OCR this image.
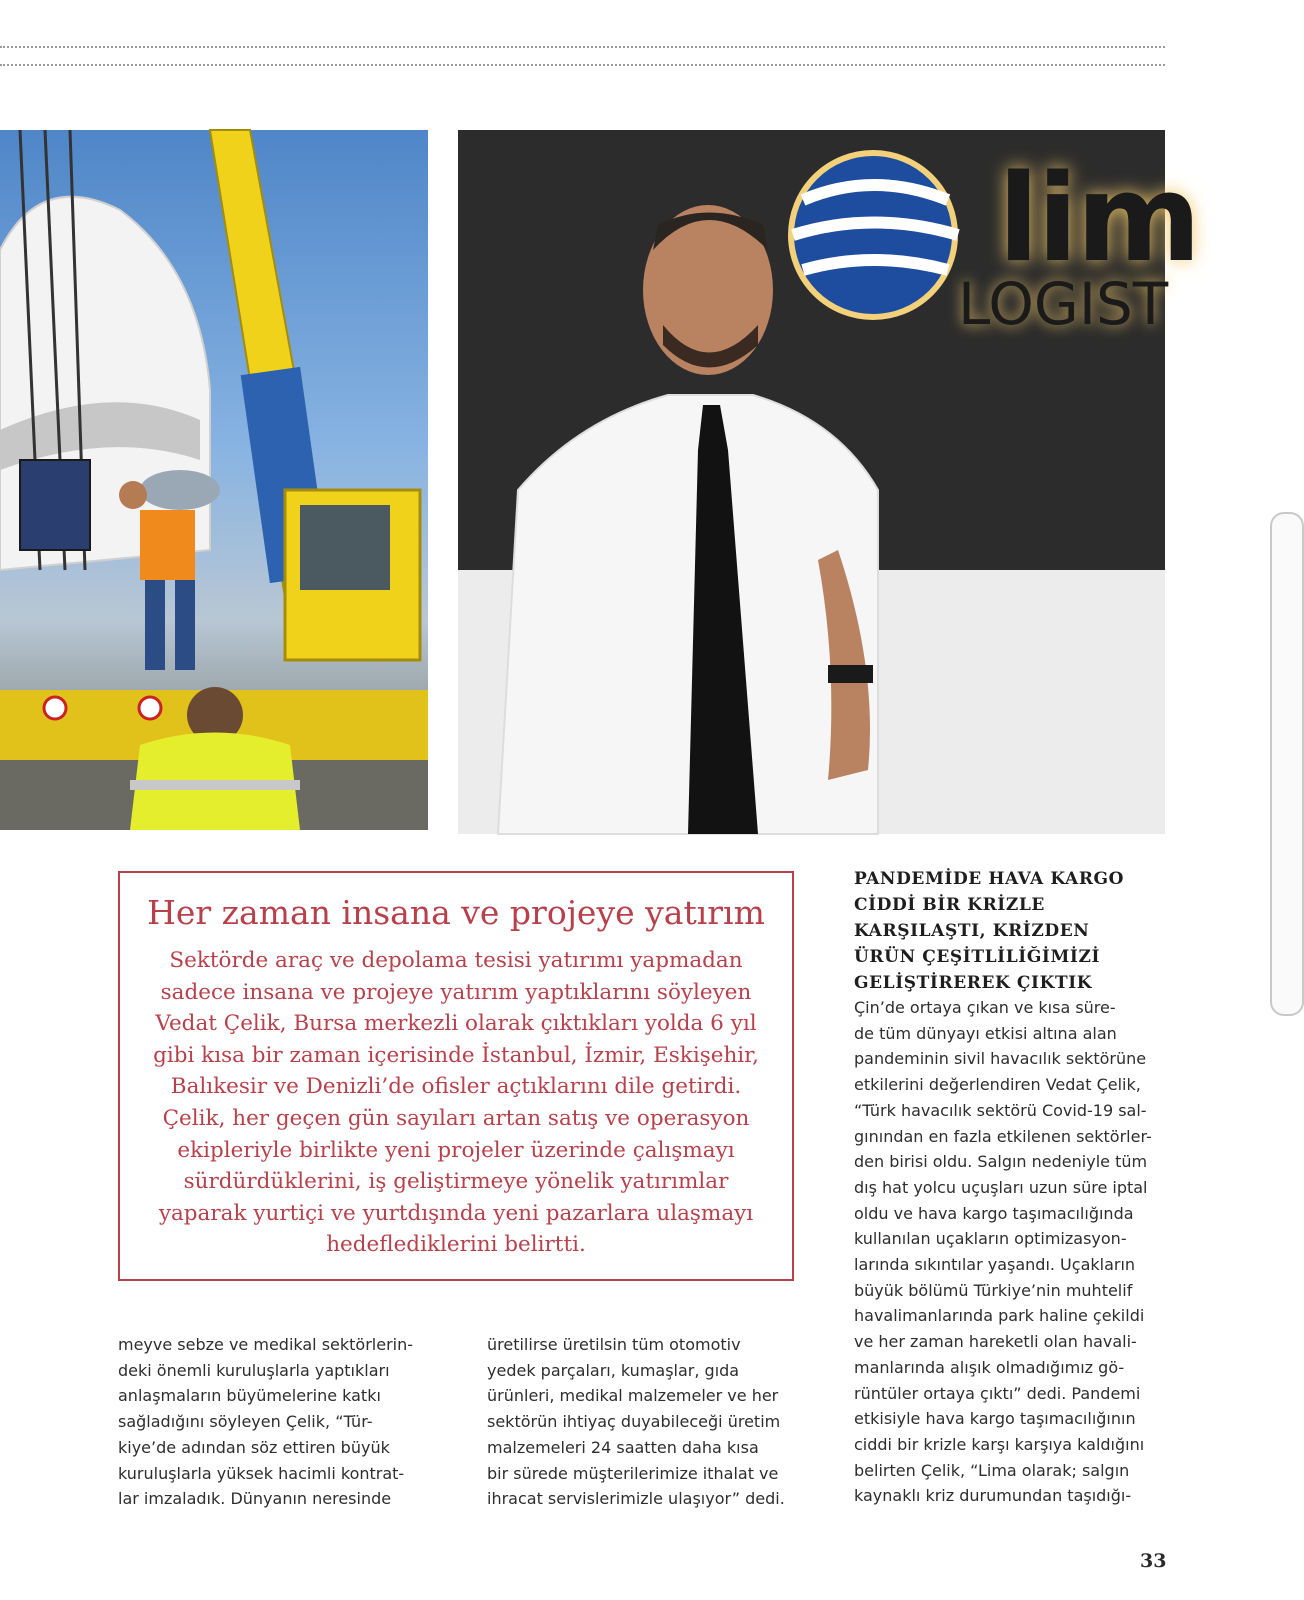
lim
LOGIST
Her zaman insana ve projeye yatırım
Sektörde araç ve depolama tesisi yatırımı yapmadan sadece insana ve projeye yatırım yaptıklarını söyleyen Vedat Çelik, Bursa merkezli olarak çıktıkları yolda 6 yıl gibi kısa bir zaman içerisinde İstanbul, İzmir, Eskişehir, Balıkesir ve Denizli’de ofisler açtıklarını dile getirdi. Çelik, her geçen gün sayıları artan satış ve operasyon ekipleriyle birlikte yeni projeler üzerinde çalışmayı sürdürdüklerini, iş geliştirmeye yönelik yatırımlar yaparak yurtiçi ve yurtdışında yeni pazarlara ulaşmayı hedeflediklerini belirtti.
PANDEMİDE HAVA KARGO CİDDİ BİR KRİZLE KARŞILAŞTI, KRİZDEN ÜRÜN ÇEŞİTLİLİĞİMİZİ GELİŞTİREREK ÇIKTIK
meyve sebze ve medikal sektörlerin-
deki önemli kuruluşlarla yaptıkları
anlaşmaların büyümelerine katkı
sağladığını söyleyen Çelik, “Tür-
kiye’de adından söz ettiren büyük
kuruluşlarla yüksek hacimli kontrat-
lar imzaladık. Dünyanın neresinde
üretilirse üretilsin tüm otomotiv
yedek parçaları, kumaşlar, gıda
ürünleri, medikal malzemeler ve her
sektörün ihtiyaç duyabileceği üretim
malzemeleri 24 saatten daha kısa
bir sürede müşterilerimize ithalat ve
ihracat servislerimizle ulaşıyor” dedi.
Çin’de ortaya çıkan ve kısa süre-
de tüm dünyayı etkisi altına alan
pandeminin sivil havacılık sektörüne
etkilerini değerlendiren Vedat Çelik,
“Türk havacılık sektörü Covid-19 sal-
gınından en fazla etkilenen sektörler-
den birisi oldu. Salgın nedeniyle tüm
dış hat yolcu uçuşları uzun süre iptal
oldu ve hava kargo taşımacılığında
kullanılan uçakların optimizasyon-
larında sıkıntılar yaşandı. Uçakların
büyük bölümü Türkiye’nin muhtelif
havalimanlarında park haline çekildi
ve her zaman hareketli olan havali-
manlarında alışık olmadığımız gö-
rüntüler ortaya çıktı” dedi. Pandemi
etkisiyle hava kargo taşımacılığının
ciddi bir krizle karşı karşıya kaldığını
belirten Çelik, “Lima olarak; salgın
kaynaklı kriz durumundan taşıdığı-
33
